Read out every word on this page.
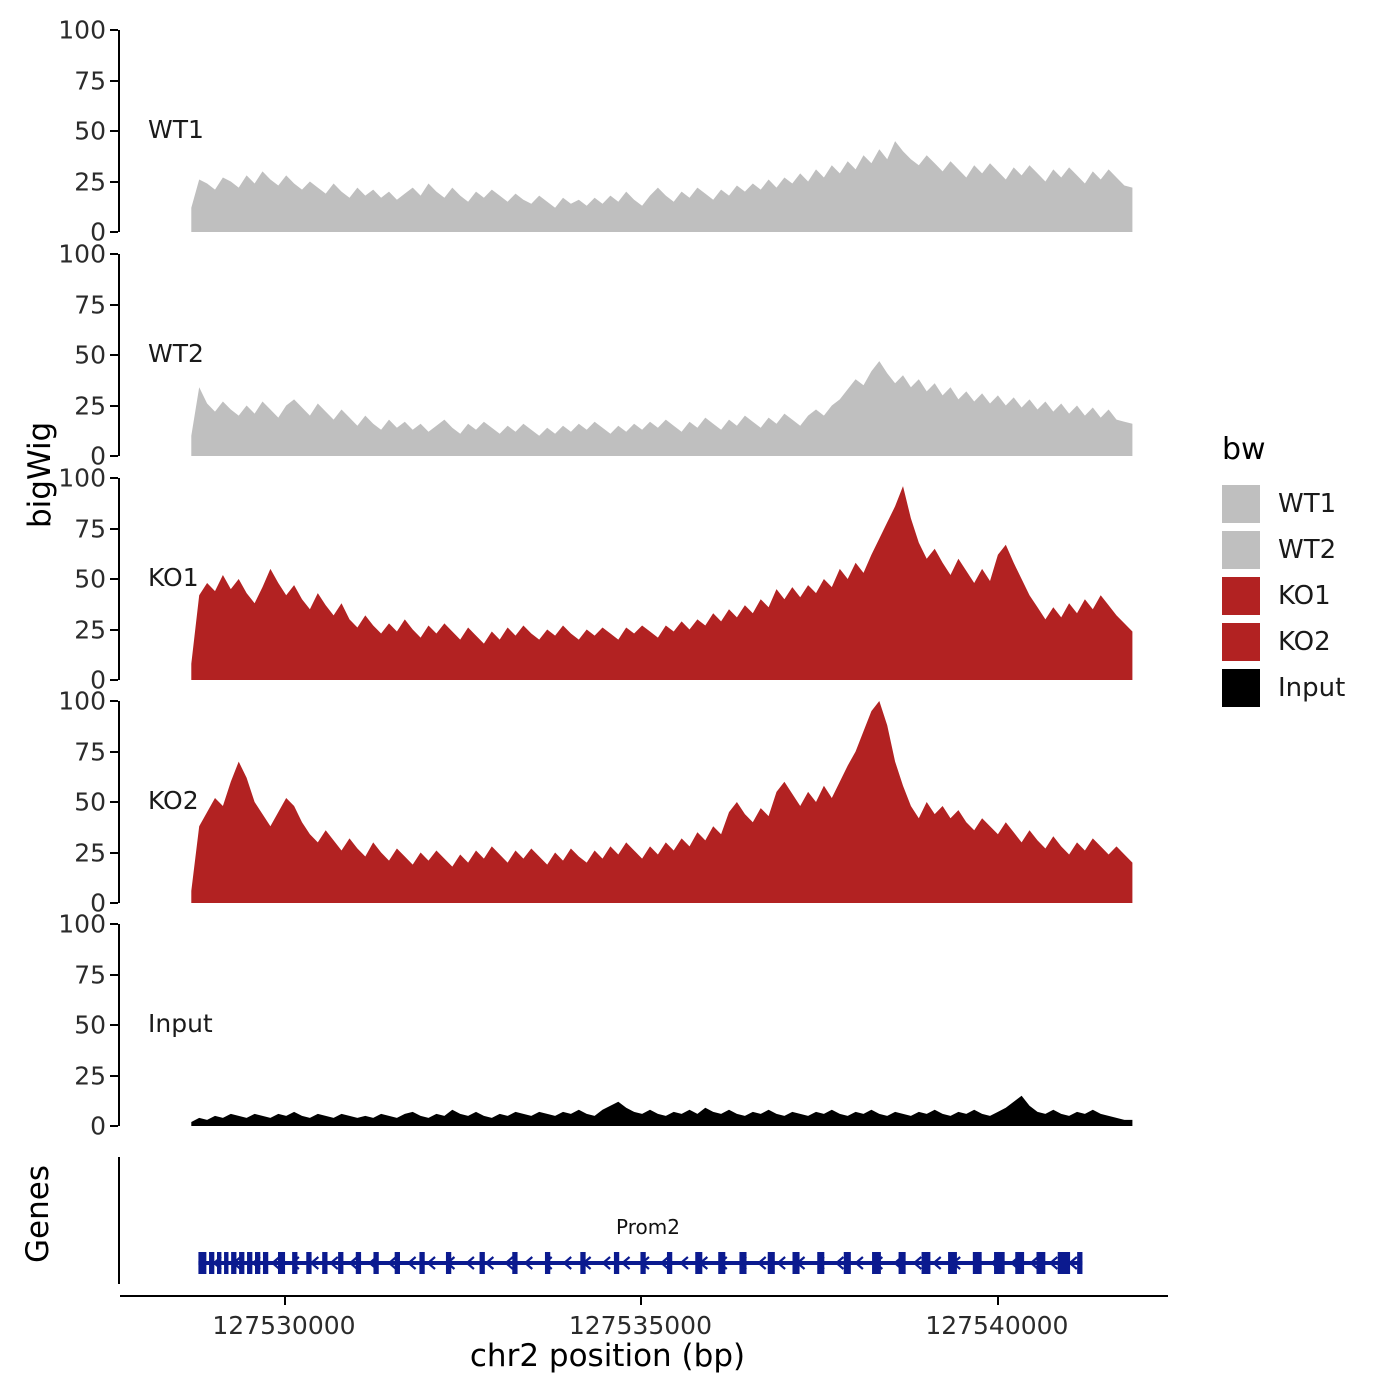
bigWig
Genes
0
25
50
75
100
WT1
0
25
50
75
100
WT2
0
25
50
75
100
KO1
0
25
50
75
100
KO2
0
25
50
75
100
Input
Prom2
127530000	127535000	127540000
chr2 position (bp)
bw
WT1
WT2
KO1
KO2
Input
